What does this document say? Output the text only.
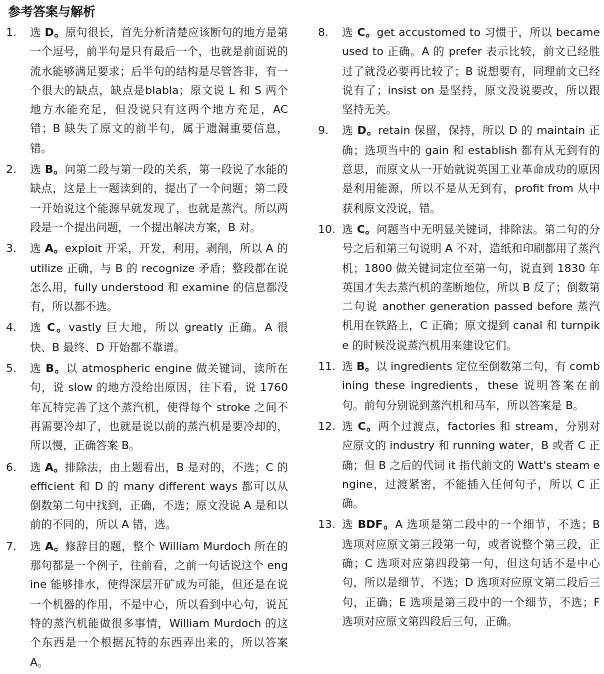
参考答案与解析
1.	选 D。原句很长，首先分析清楚应该断句的地方是第一个逗号，前半句是只有最后一个，也就是前面说的流水能够满足要求；后半句的结构是尽管答非，有一个很大的缺点，缺点是blabla；原文说 L 和 S 两个地方水能充足，但没说只有这两个地方充足，AC 错；B 缺失了原文的前半句，属于遗漏重要信息，错。
2.	选 B。问第二段与第一段的关系，第一段说了水能的缺点，这是上一题读到的，提出了一个问题；第二段一开始说这个能源早就发现了，也就是蒸汽。所以两段是一个提出问题，一个提出解决方案，B 对。
3.	选 A。exploit 开采，开发，利用，剥削，所以 A 的 utilize 正确，与 B 的 recognize 矛盾；整段都在说怎么用，fully understood 和 examine 的信息都没有，所以都不选。
4.	选 C。vastly 巨大地，所以 greatly 正确。A 很快、B 最终、D 开始都不靠谱。
5.	选 B。以 atmospheric engine 做关键词，读所在句，说 slow 的地方没给出原因，往下看，说 1760 年瓦特完善了这个蒸汽机，使得每个 stroke 之间不再需要冷却了，也就是说以前的蒸汽机是要冷却的，所以慢，正确答案 B。
6.	选 A。排除法，由上题看出，B 是对的，不选；C 的 efficient 和 D 的 many different ways 都可以从倒数第二句中找到，正确，不选；原文没说 A 是和以前的不同的，所以 A 错，选。
7.	选 A。修辞目的题，整个 William Murdoch 所在的那句都是一个例子，往前看，之前一句话说这个 engine 能够排水，使得深层开矿成为可能，但还是在说一个机器的作用，不是中心，所以看到中心句，说瓦特的蒸汽机能做很多事情，William Murdoch 的这个东西是一个根据瓦特的东西弄出来的，所以答案 A。
8.	选 C。get accustomed to 习惯于，所以 became used to 正确。A 的 prefer 表示比较，前文已经胜过了就没必要再比较了；B 说想要有，同理前文已经说有了；insist on 是坚持，原文没说要改，所以跟坚持无关。
9.	选 D。retain 保留，保持，所以 D 的 maintain 正确；选项当中的 gain 和 establish 都有从无到有的意思，而原文从一开始就说英国工业革命成功的原因是利用能源，所以不是从无到有，profit from 从中获利原文没说，错。
10. 选 C。问题当中无明显关键词，排除法。第二句的分号之后和第三句说明 A 不对，造纸和印刷都用了蒸汽机；1800 做关键词定位至第一句，说直到 1830 年英国才失去蒸汽机的垄断地位，所以 B 反了；倒数第二句说 another generation passed before 蒸汽机用在铁路上，C 正确；原文提到 canal 和 turnpike 的时候没说蒸汽机用来建设它们。
11. 选 B。以 ingredients 定位至倒数第二句，有 combining these ingredients，these 说明答案在前句。前句分别说到蒸汽机和马车，所以答案是 B。
12. 选 C。两个过渡点，factories 和 stream，分别对应原文的 industry 和 running water，B 或者 C 正确；但 B 之后的代词 it 指代前文的 Watt's steam engine，过渡紧密，不能插入任何句子，所以 C 正确。
13. 选 BDF。A 选项是第二段中的一个细节，不选；B 选项对应原文第三段第一句，或者说整个第三段，正确；C 选项对应第四段第一句，但这句话不是中心句，所以是细节，不选；D 选项对应原文第二段后三句，正确；E 选项是第三段中的一个细节，不选；F 选项对应原文第四段后三句，正确。
